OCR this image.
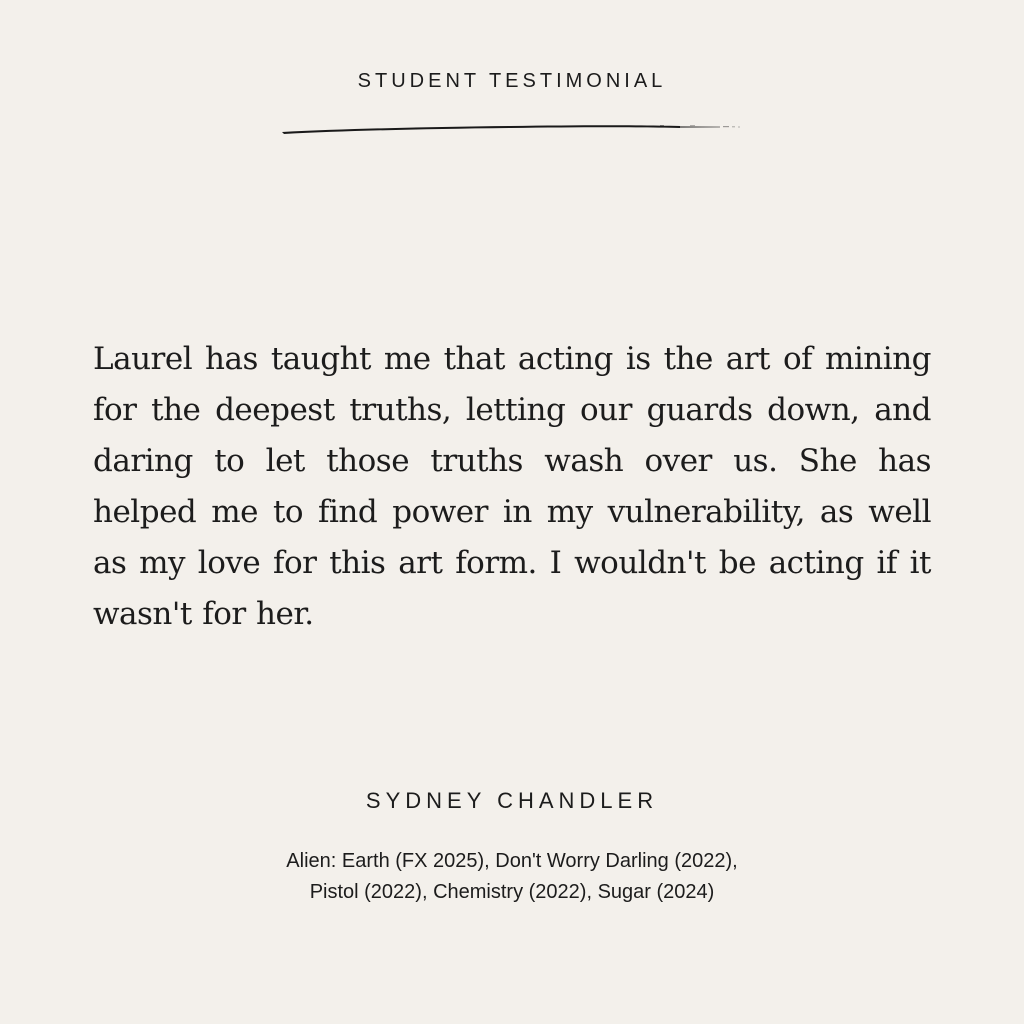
STUDENT TESTIMONIAL
Laurel has taught me that acting is the art of mining for the deepest truths, letting our guards down, and daring to let those truths wash over us. She has helped me to find power in my vulnerability, as well as my love for this art form. I wouldn't be acting if it wasn't for her.
SYDNEY CHANDLER
Alien: Earth (FX 2025), Don't Worry Darling (2022),
Pistol (2022), Chemistry (2022), Sugar (2024)
